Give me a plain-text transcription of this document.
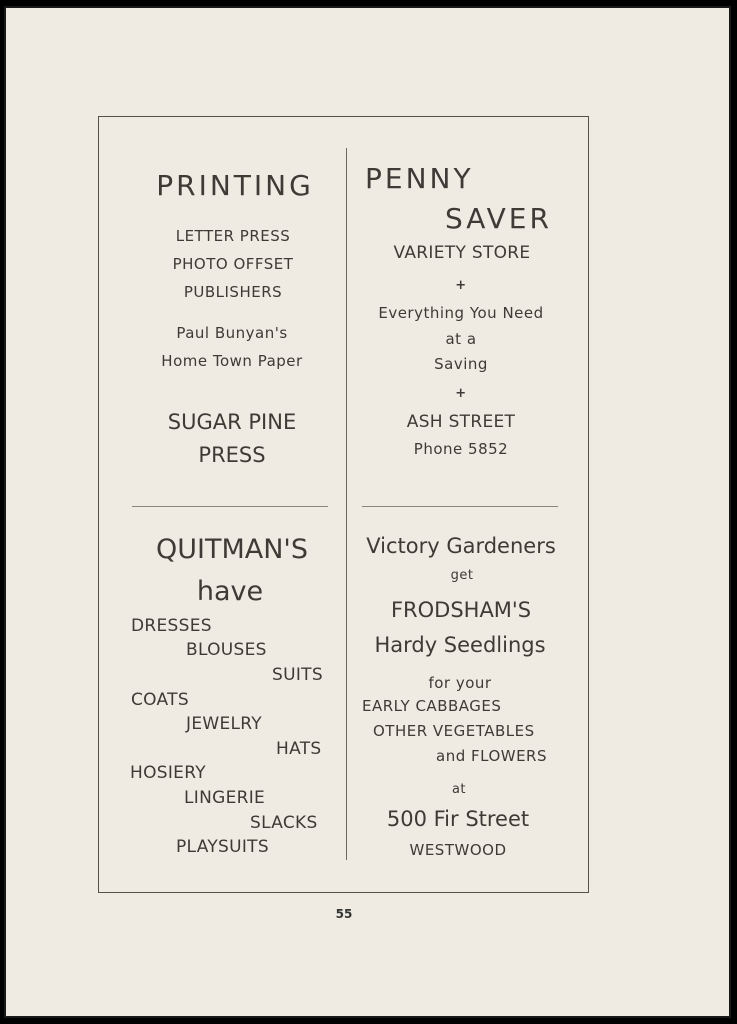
PRINTING
LETTER PRESS
PHOTO OFFSET
PUBLISHERS
Paul Bunyan's
Home Town Paper
SUGAR PINE
PRESS
PENNY
SAVER
VARIETY STORE
+
Everything You Need
at a
Saving
+
ASH STREET
Phone 5852
QUITMAN'S
have
DRESSES
BLOUSES
SUITS
COATS
JEWELRY
HATS
HOSIERY
LINGERIE
SLACKS
PLAYSUITS
Victory Gardeners
get
FRODSHAM'S
Hardy Seedlings
for your
EARLY CABBAGES
OTHER VEGETABLES
and FLOWERS
at
500 Fir Street
WESTWOOD
55
